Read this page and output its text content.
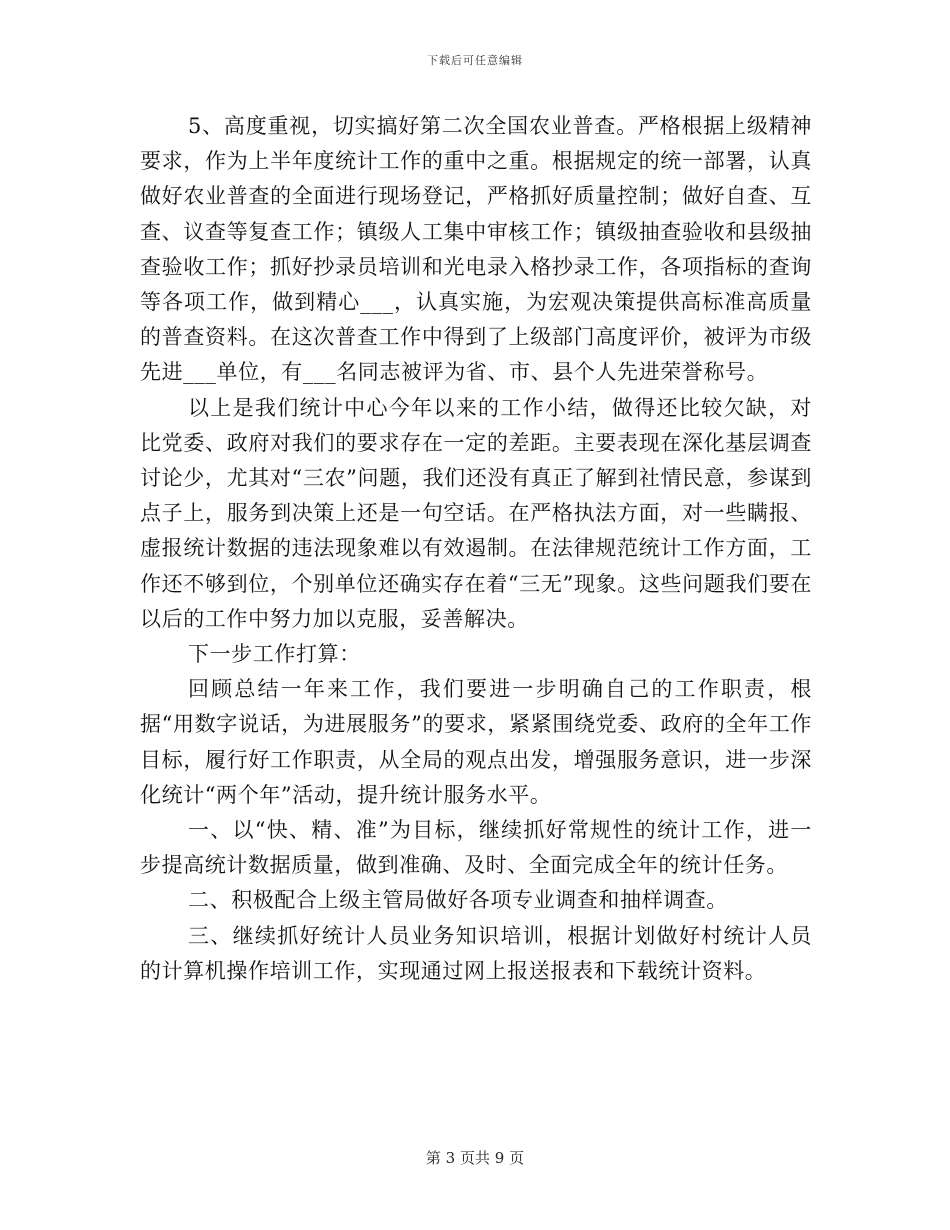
下载后可任意编辑

5、高度重视，切实搞好第二次全国农业普查。严格根据上级精神要求，作为上半年度统计工作的重中之重。根据规定的统一部署，认真做好农业普查的全面进行现场登记，严格抓好质量控制；做好自查、互查、议查等复查工作；镇级人工集中审核工作；镇级抽查验收和县级抽查验收工作；抓好抄录员培训和光电录入格抄录工作，各项指标的查询等各项工作，做到精心___，认真实施，为宏观决策提供高标准高质量的普查资料。在这次普查工作中得到了上级部门高度评价，被评为市级先进___单位，有___名同志被评为省、市、县个人先进荣誉称号。

以上是我们统计中心今年以来的工作小结，做得还比较欠缺，对比党委、政府对我们的要求存在一定的差距。主要表现在深化基层调查讨论少，尤其对“三农”问题，我们还没有真正了解到社情民意，参谋到点子上，服务到决策上还是一句空话。在严格执法方面，对一些瞒报、虚报统计数据的违法现象难以有效遏制。在法律规范统计工作方面，工作还不够到位，个别单位还确实存在着“三无”现象。这些问题我们要在以后的工作中努力加以克服，妥善解决。

下一步工作打算：

回顾总结一年来工作，我们要进一步明确自己的工作职责，根据“用数字说话，为进展服务”的要求，紧紧围绕党委、政府的全年工作目标，履行好工作职责，从全局的观点出发，增强服务意识，进一步深化统计“两个年”活动，提升统计服务水平。

一、以“快、精、准”为目标，继续抓好常规性的统计工作，进一步提高统计数据质量，做到准确、及时、全面完成全年的统计任务。

二、积极配合上级主管局做好各项专业调查和抽样调查。

三、继续抓好统计人员业务知识培训，根据计划做好村统计人员的计算机操作培训工作，实现通过网上报送报表和下载统计资料。

第 3 页共 9 页
